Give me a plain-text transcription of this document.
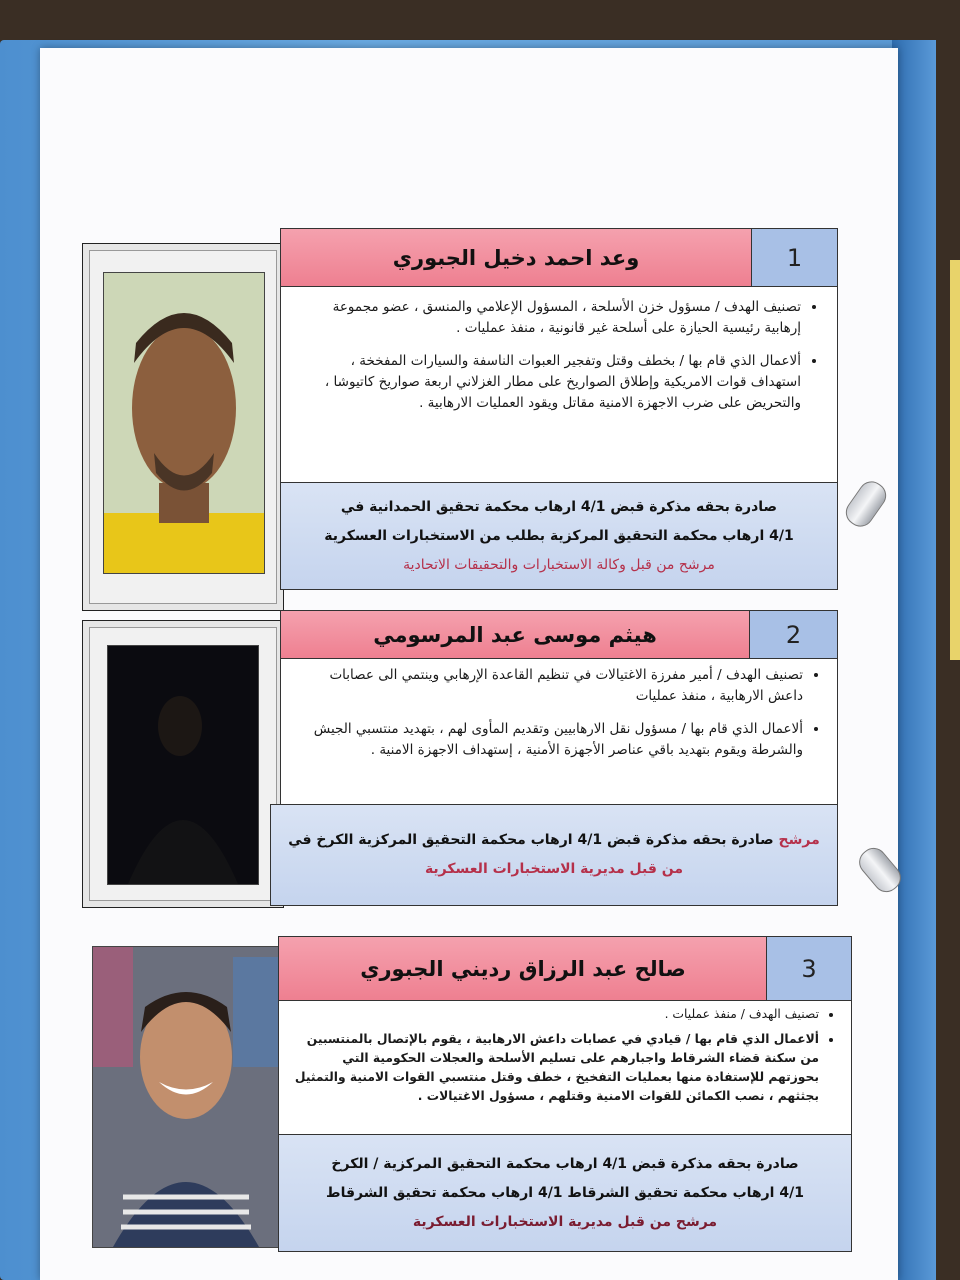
وعد احمد دخيل الجبوري	1
• تصنيف الهدف / مسؤول خزن الأسلحة ، المسؤول الإعلامي والمنسق ، عضو مجموعة إرهابية رئيسية الحيازة على أسلحة غير قانونية ، منفذ عمليات .
• ألاعمال الذي قام بها / بخطف وقتل وتفجير العبوات الناسفة والسيارات المفخخة ، استهداف قوات الامريكية وإطلاق الصواريخ على مطار الغزلاني اربعة صواريخ كاتيوشا ، والتحريض على ضرب الاجهزة الامنية مقاتل ويقود العمليات الارهابية .
صادرة بحقه مذكرة قبض 4/1 ارهاب محكمة تحقيق الحمدانية في
4/1 ارهاب محكمة التحقيق المركزية بطلب من الاستخبارات العسكرية
مرشح من قبل وكالة الاستخبارات والتحقيقات الاتحادية
هيثم موسى عبد المرسومي	2
• تصنيف الهدف / أمير مفرزة الاغتيالات في تنظيم القاعدة الإرهابي وينتمي الى عصابات داعش الارهابية ، منفذ عمليات
• ألاعمال الذي قام بها / مسؤول نقل الارهابيين وتقديم المأوى لهم ، بتهديد منتسبي الجيش والشرطة ويقوم بتهديد باقي عناصر الأجهزة الأمنية ، إستهداف الاجهزة الامنية .
مرشح صادرة بحقه مذكرة قبض 4/1 ارهاب محكمة التحقيق المركزية الكرخ في
من قبل مديرية الاستخبارات العسكرية
صالح عبد الرزاق رديني الجبوري	3
• تصنيف الهدف / منفذ عمليات .
• ألاعمال الذي قام بها / قيادي في عصابات داعش الارهابية ، يقوم بالإتصال بالمنتسبين من سكنة قضاء الشرقاط واجبارهم على تسليم الأسلحة والعجلات الحكومية التي بحوزتهم للإستفادة منها بعمليات التفخيخ ، خطف وقتل منتسبي القوات الامنية والتمثيل بجثثهم ، نصب الكمائن للقوات الامنية وقتلهم ، مسؤول الاغتيالات .
صادرة بحقه مذكرة قبض 4/1 ارهاب محكمة التحقيق المركزية / الكرخ
4/1 ارهاب محكمة تحقيق الشرقاط 4/1 ارهاب محكمة تحقيق الشرقاط
مرشح من قبل مديرية الاستخبارات العسكرية
